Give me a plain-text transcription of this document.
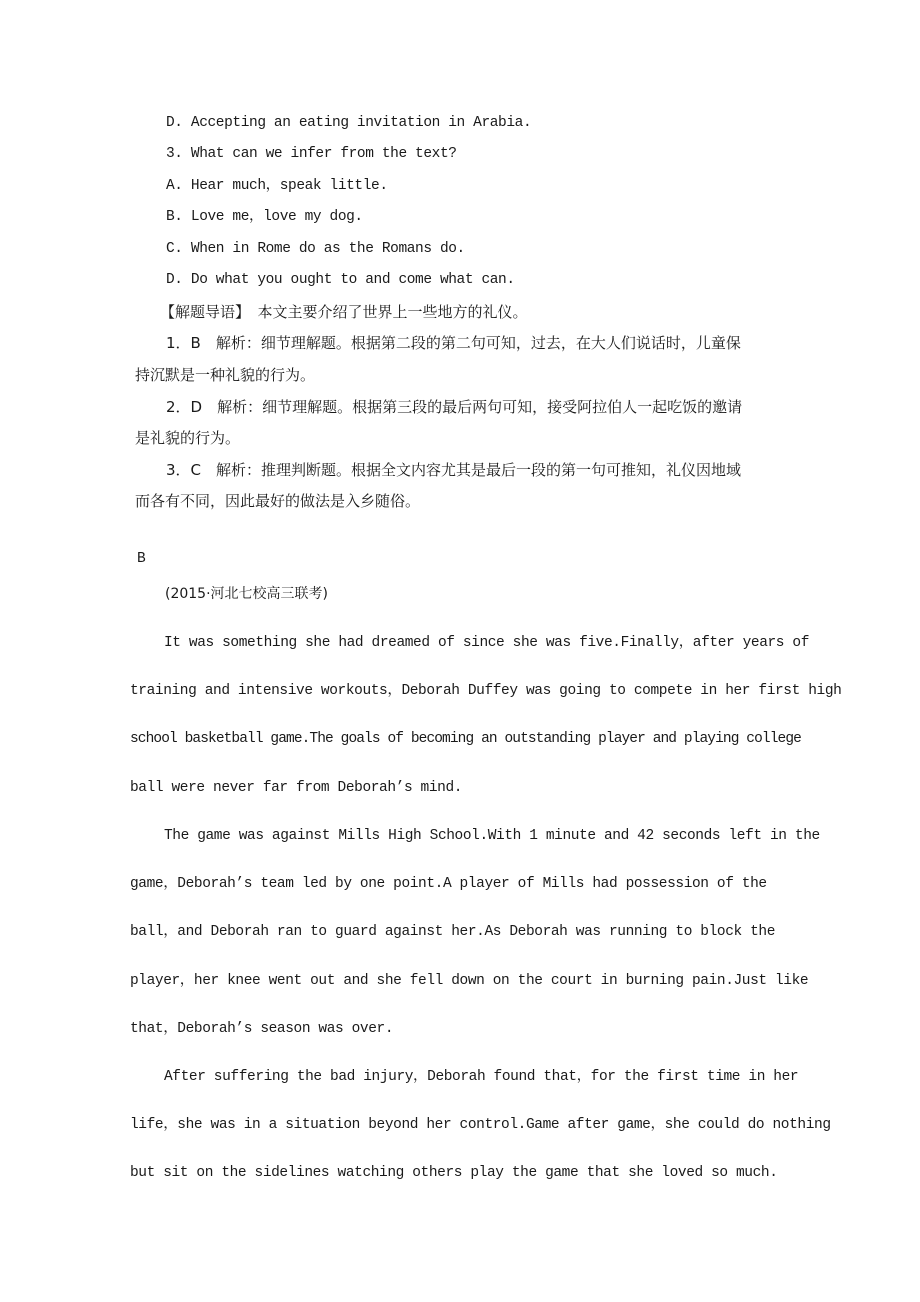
D. Accepting an eating invitation in Arabia.
3. What can we infer from the text?
A. Hear much，speak little.
B. Love me，love my dog.
C. When in Rome do as the Romans do.
D. Do what you ought to and come what can.
【解题导语】　本文主要介绍了世界上一些地方的礼仪。
1．B　解析：细节理解题。根据第二段的第二句可知，过去，在大人们说话时，儿童保
持沉默是一种礼貌的行为。
2．D　解析：细节理解题。根据第三段的最后两句可知，接受阿拉伯人一起吃饭的邀请
是礼貌的行为。
3．C　解析：推理判断题。根据全文内容尤其是最后一段的第一句可推知，礼仪因地域
而各有不同，因此最好的做法是入乡随俗。
B
(2015·河北七校高三联考)
It was something she had dreamed of since she was five.Finally，after years of
training and intensive workouts，Deborah Duffey was going to compete in her first high
school basketball game.The goals of becoming an outstanding player and playing college
ball were never far from Deborah’s mind.
The game was against Mills High School.With 1 minute and 42 seconds left in the
game，Deborah’s team led by one point.A player of Mills had possession of the
ball，and Deborah ran to guard against her.As Deborah was running to block the
player，her knee went out and she fell down on the court in burning pain.Just like
that，Deborah’s season was over.
After suffering the bad injury，Deborah found that，for the first time in her
life，she was in a situation beyond her control.Game after game，she could do nothing
but sit on the sidelines watching others play the game that she loved so much.
